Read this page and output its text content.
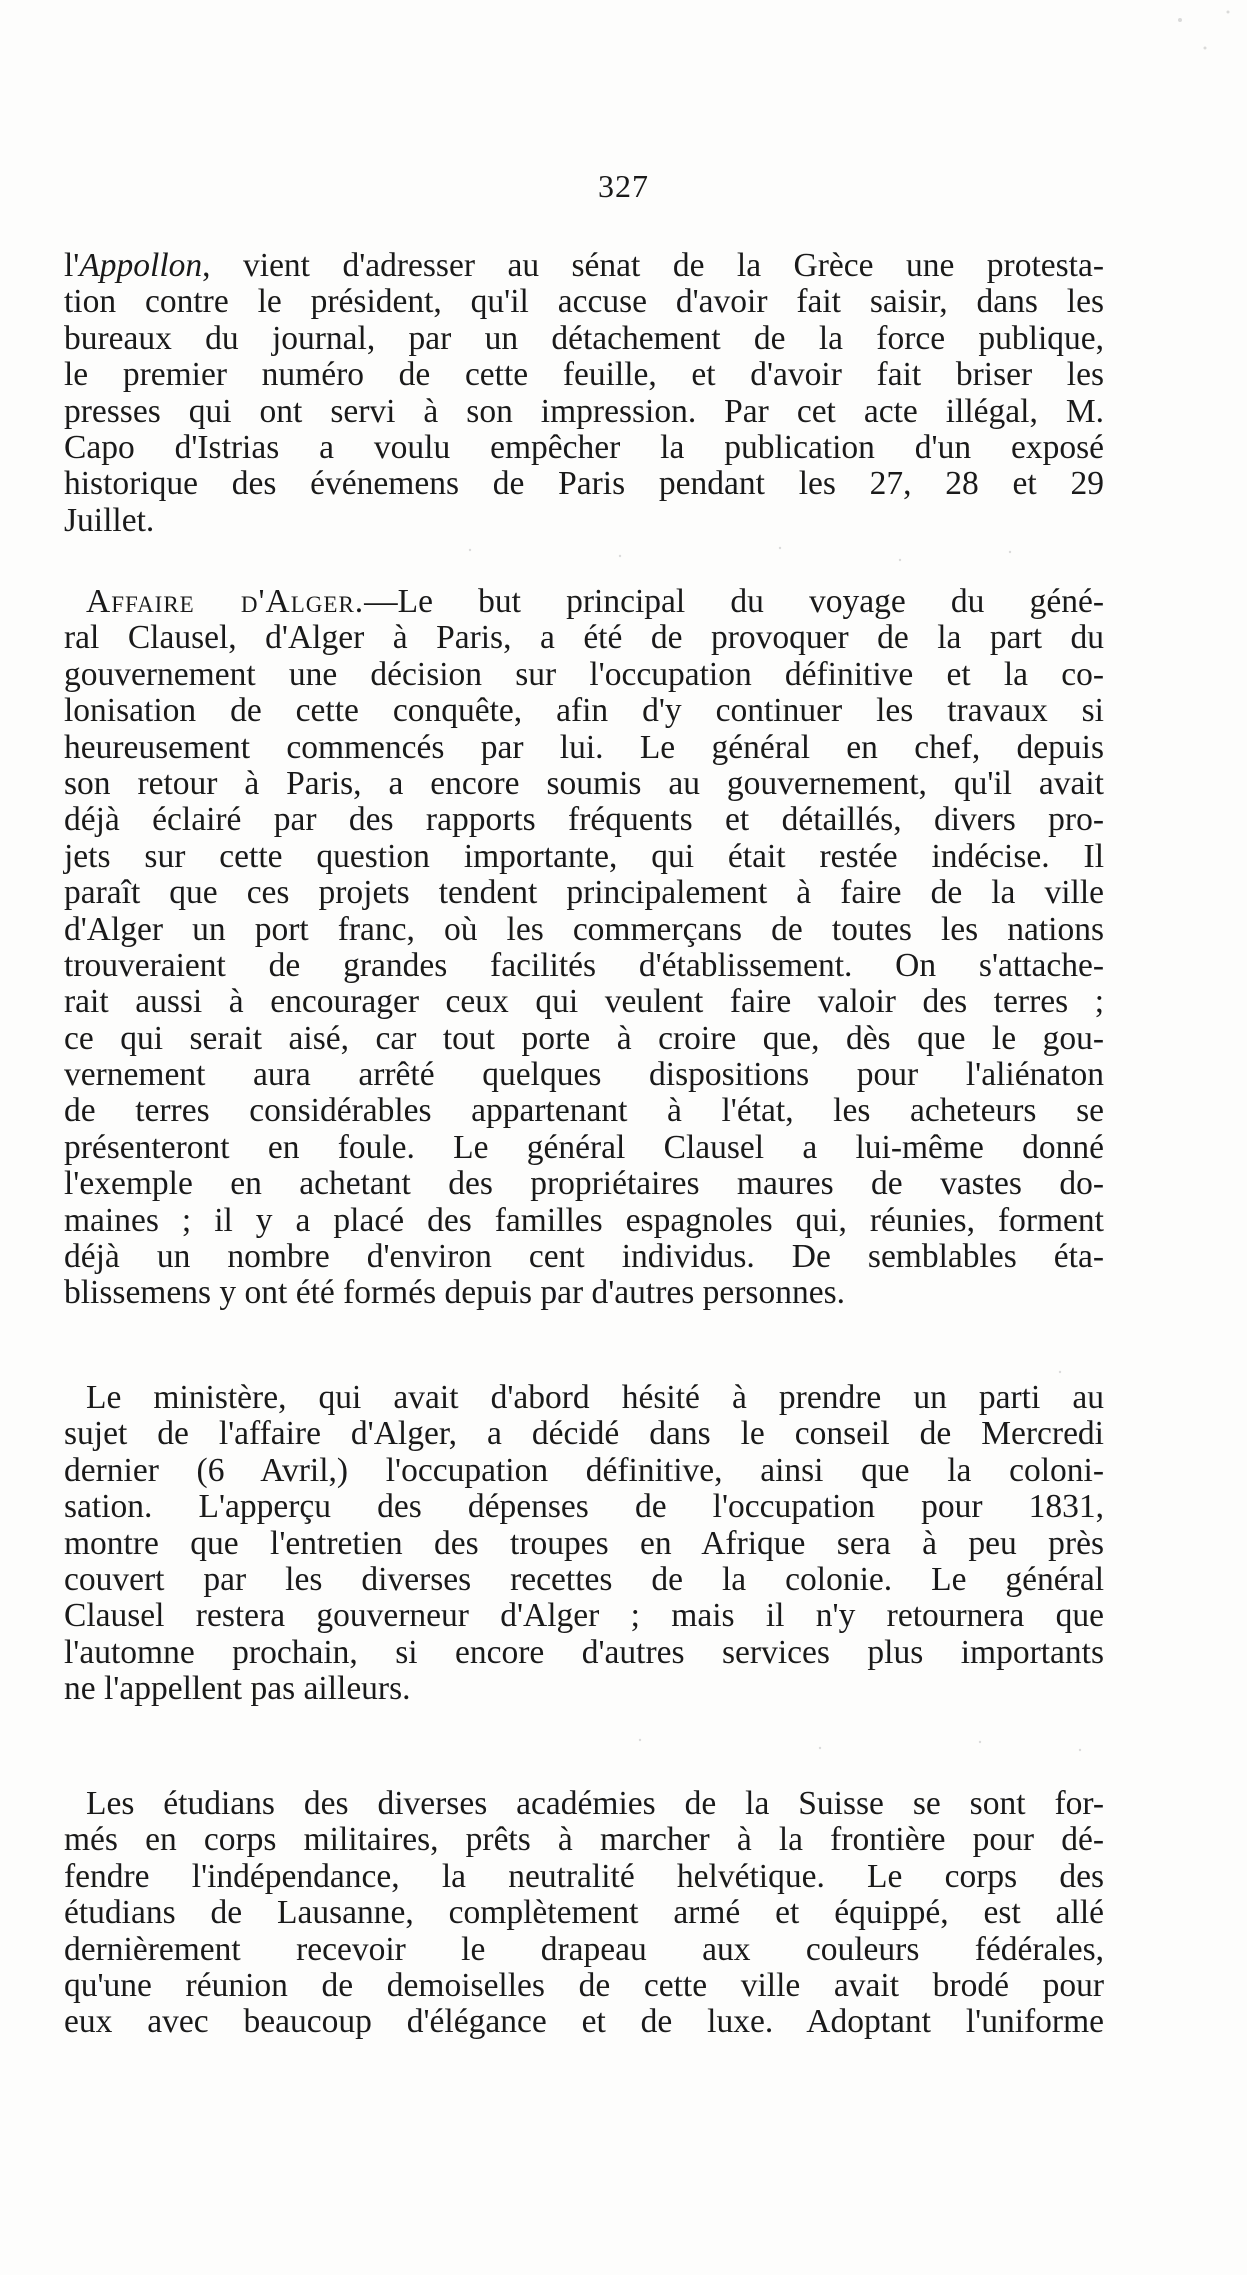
327
l'Appollon, vient d'adresser au sénat de la Grèce une protesta-
tion contre le président, qu'il accuse d'avoir fait saisir, dans les
bureaux du journal, par un détachement de la force publique,
le premier numéro de cette feuille, et d'avoir fait briser les
presses qui ont servi à son impression. Par cet acte illégal, M.
Capo d'Istrias a voulu empêcher la publication d'un exposé
historique des événemens de Paris pendant les 27, 28 et 29
Juillet.
Affaire d'Alger.—Le but principal du voyage du géné-
ral Clausel, d'Alger à Paris, a été de provoquer de la part du
gouvernement une décision sur l'occupation définitive et la co-
lonisation de cette conquête, afin d'y continuer les travaux si
heureusement commencés par lui. Le général en chef, depuis
son retour à Paris, a encore soumis au gouvernement, qu'il avait
déjà éclairé par des rapports fréquents et détaillés, divers pro-
jets sur cette question importante, qui était restée indécise. Il
paraît que ces projets tendent principalement à faire de la ville
d'Alger un port franc, où les commerçans de toutes les nations
trouveraient de grandes facilités d'établissement. On s'attache-
rait aussi à encourager ceux qui veulent faire valoir des terres ;
ce qui serait aisé, car tout porte à croire que, dès que le gou-
vernement aura arrêté quelques dispositions pour l'aliénaton
de terres considérables appartenant à l'état, les acheteurs se
présenteront en foule. Le général Clausel a lui-même donné
l'exemple en achetant des propriétaires maures de vastes do-
maines ; il y a placé des familles espagnoles qui, réunies, forment
déjà un nombre d'environ cent individus. De semblables éta-
blissemens y ont été formés depuis par d'autres personnes.
Le ministère, qui avait d'abord hésité à prendre un parti au
sujet de l'affaire d'Alger, a décidé dans le conseil de Mercredi
dernier (6 Avril,) l'occupation définitive, ainsi que la coloni-
sation. L'apperçu des dépenses de l'occupation pour 1831,
montre que l'entretien des troupes en Afrique sera à peu près
couvert par les diverses recettes de la colonie. Le général
Clausel restera gouverneur d'Alger ; mais il n'y retournera que
l'automne prochain, si encore d'autres services plus importants
ne l'appellent pas ailleurs.
Les étudians des diverses académies de la Suisse se sont for-
més en corps militaires, prêts à marcher à la frontière pour dé-
fendre l'indépendance, la neutralité helvétique. Le corps des
étudians de Lausanne, complètement armé et équippé, est allé
dernièrement recevoir le drapeau aux couleurs fédérales,
qu'une réunion de demoiselles de cette ville avait brodé pour
eux avec beaucoup d'élégance et de luxe. Adoptant l'uniforme
